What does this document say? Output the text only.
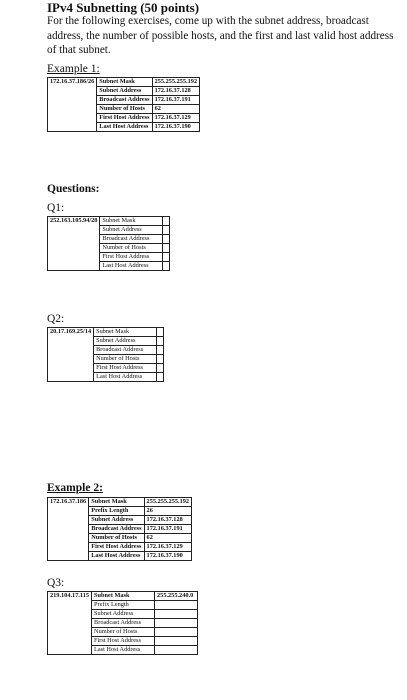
IPv4 Subnetting (50 points)
For the following exercises, come up with the subnet address, broadcast address, the number of possible hosts, and the first and last valid host address of that subnet.
Example 1:
172.16.37.186/26	Subnet Mask	255.255.255.192
	Subnet Address	172.16.37.128
	Broadcast Address	172.16.37.191
	Number of Hosts	62
	First Host Address	172.16.37.129
	Last Host Address	172.16.37.190
Questions:
Q1:
252.163.105.94/28	Subnet Mask	
	Subnet Address	
	Broadcast Address	
	Number of Hosts	
	First Host Address	
	Last Host Address	
Q2:
20.17.169.25/14	Subnet Mask	
	Subnet Address	
	Broadcast Address	
	Number of Hosts	
	First Host Address	
	Last Host Address	
Example 2:
172.16.37.186	Subnet Mask	255.255.255.192
	Prefix Length	26
	Subnet Address	172.16.37.128
	Broadcast Address	172.16.37.191
	Number of Hosts	62
	First Host Address	172.16.37.129
	Last Host Address	172.16.37.190
Q3:
219.104.17.115	Subnet Mask	255.255.240.0
	Prefix Length	
	Subnet Address	
	Broadcast Address	
	Number of Hosts	
	First Host Address	
	Last Host Address	
